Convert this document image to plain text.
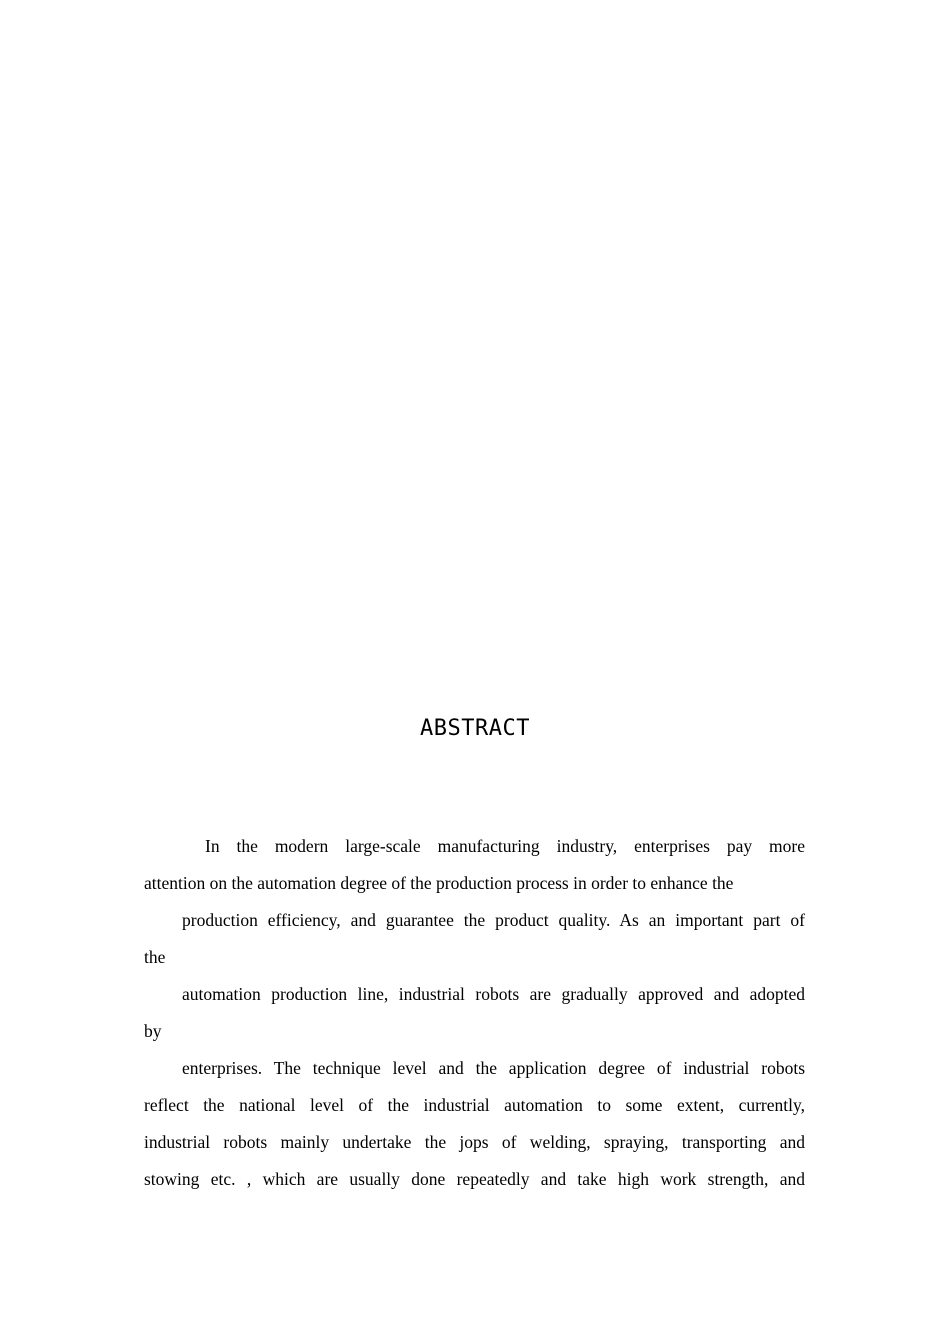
ABSTRACT
In the modern large-scale manufacturing industry, enterprises pay more
attention on the automation degree of the production process in order to enhance the
production efficiency, and guarantee the product quality. As an important part of
the
automation production line, industrial robots are gradually approved and adopted
by
enterprises. The technique level and the application degree of industrial robots
reflect the national level of the industrial automation to some extent, currently,
industrial robots mainly undertake the jops of welding, spraying, transporting and
stowing etc. , which are usually done repeatedly and take high work strength, and
